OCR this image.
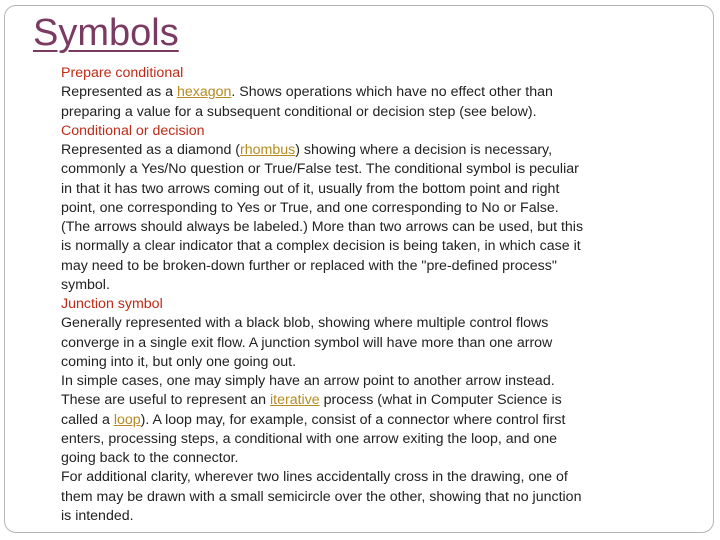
Symbols
Prepare conditional
Represented as a hexagon. Shows operations which have no effect other than
preparing a value for a subsequent conditional or decision step (see below).
Conditional or decision
Represented as a diamond (rhombus) showing where a decision is necessary,
commonly a Yes/No question or True/False test. The conditional symbol is peculiar
in that it has two arrows coming out of it, usually from the bottom point and right
point, one corresponding to Yes or True, and one corresponding to No or False.
(The arrows should always be labeled.) More than two arrows can be used, but this
is normally a clear indicator that a complex decision is being taken, in which case it
may need to be broken-down further or replaced with the "pre-defined process"
symbol.
Junction symbol
Generally represented with a black blob, showing where multiple control flows
converge in a single exit flow. A junction symbol will have more than one arrow
coming into it, but only one going out.
In simple cases, one may simply have an arrow point to another arrow instead.
These are useful to represent an iterative process (what in Computer Science is
called a loop). A loop may, for example, consist of a connector where control first
enters, processing steps, a conditional with one arrow exiting the loop, and one
going back to the connector.
For additional clarity, wherever two lines accidentally cross in the drawing, one of
them may be drawn with a small semicircle over the other, showing that no junction
is intended.
